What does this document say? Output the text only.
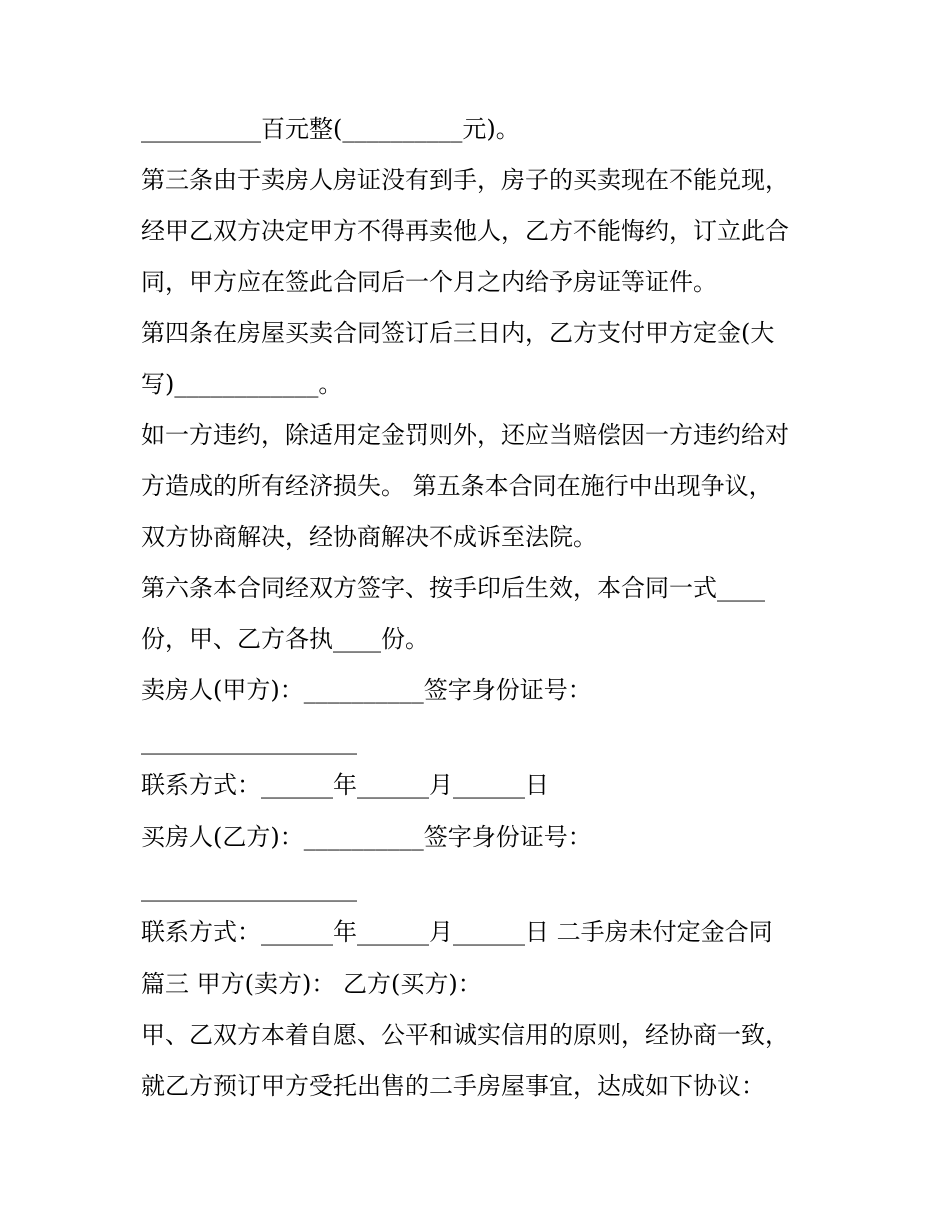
__________百元整(__________元)。
第三条由于卖房人房证没有到手，房子的买卖现在不能兑现，
经甲乙双方决定甲方不得再卖他人，乙方不能悔约，订立此合
同，甲方应在签此合同后一个月之内给予房证等证件。
第四条在房屋买卖合同签订后三日内，乙方支付甲方定金(大
写)____________。
如一方违约，除适用定金罚则外，还应当赔偿因一方违约给对
方造成的所有经济损失。 第五条本合同在施行中出现争议，
双方协商解决，经协商解决不成诉至法院。
第六条本合同经双方签字、按手印后生效，本合同一式____
份，甲、乙方各执____份。
卖房人(甲方)：__________签字身份证号：
__________________
联系方式：______年______月______日
买房人(乙方)：__________签字身份证号：
__________________
联系方式：______年______月______日 二手房未付定金合同
篇三 甲方(卖方)： 乙方(买方)：
甲、乙双方本着自愿、公平和诚实信用的原则，经协商一致，
就乙方预订甲方受托出售的二手房屋事宜，达成如下协议：
